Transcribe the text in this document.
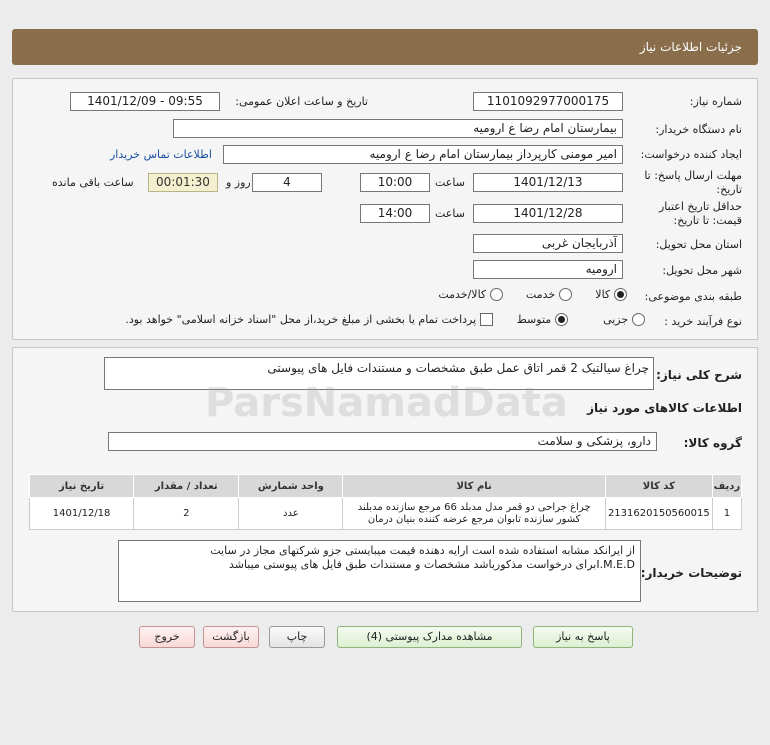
جزئیات اطلاعات نیاز
شماره نیاز:
1101092977000175
تاریخ و ساعت اعلان عمومی:
1401/12/09 - 09:55
نام دستگاه خریدار:
بیمارستان امام رضا ع ارومیه
ایجاد کننده درخواست:
امیر مومنی کارپرداز بیمارستان امام رضا ع ارومیه
اطلاعات تماس خریدار
مهلت ارسال پاسخ: تا تاریخ:
1401/12/13
ساعت
10:00
4
روز و
00:01:30
ساعت باقی مانده
حداقل تاریخ اعتبار قیمت: تا تاریخ:
1401/12/28
ساعت
14:00
استان محل تحویل:
آذربایجان غربی
شهر محل تحویل:
ارومیه
طبقه بندی موضوعی:
کالا
خدمت
کالا/خدمت
نوع فرآیند خرید :
جزیی
متوسط
پرداخت تمام یا بخشی از مبلغ خرید،از محل "اسناد خزانه اسلامی" خواهد بود.
شرح کلی نیاز:
چراغ سیالتیک 2 قمر اتاق عمل طبق مشخصات و مستندات فایل های پیوستی
اطلاعات کالاهای مورد نیاز
گروه کالا:
دارو، پزشکی و سلامت
ردیف	کد کالا	نام کالا	واحد شمارش	تعداد / مقدار	تاریخ نیاز
1	2131620150560015	چراغ جراحی دو قمر مدل مدبلد 66 مرجع سازنده مدبلند
کشور سازنده تابوان مرجع عرضه کننده بنیان درمان	عدد	2	1401/12/18
توضیحات خریدار:
از ایرانکد مشابه استفاده شده است ارایه دهنده قیمت میبایستی جزو شرکتهای مجاز در سایت
I.M.E.Dبرای درخواست مذکورباشد مشخصات و مستندات طبق فایل های پیوستی میباشد
ParsNamadData
پاسخ به نیاز
مشاهده مدارک پیوستی (4)
چاپ
بازگشت
خروج
